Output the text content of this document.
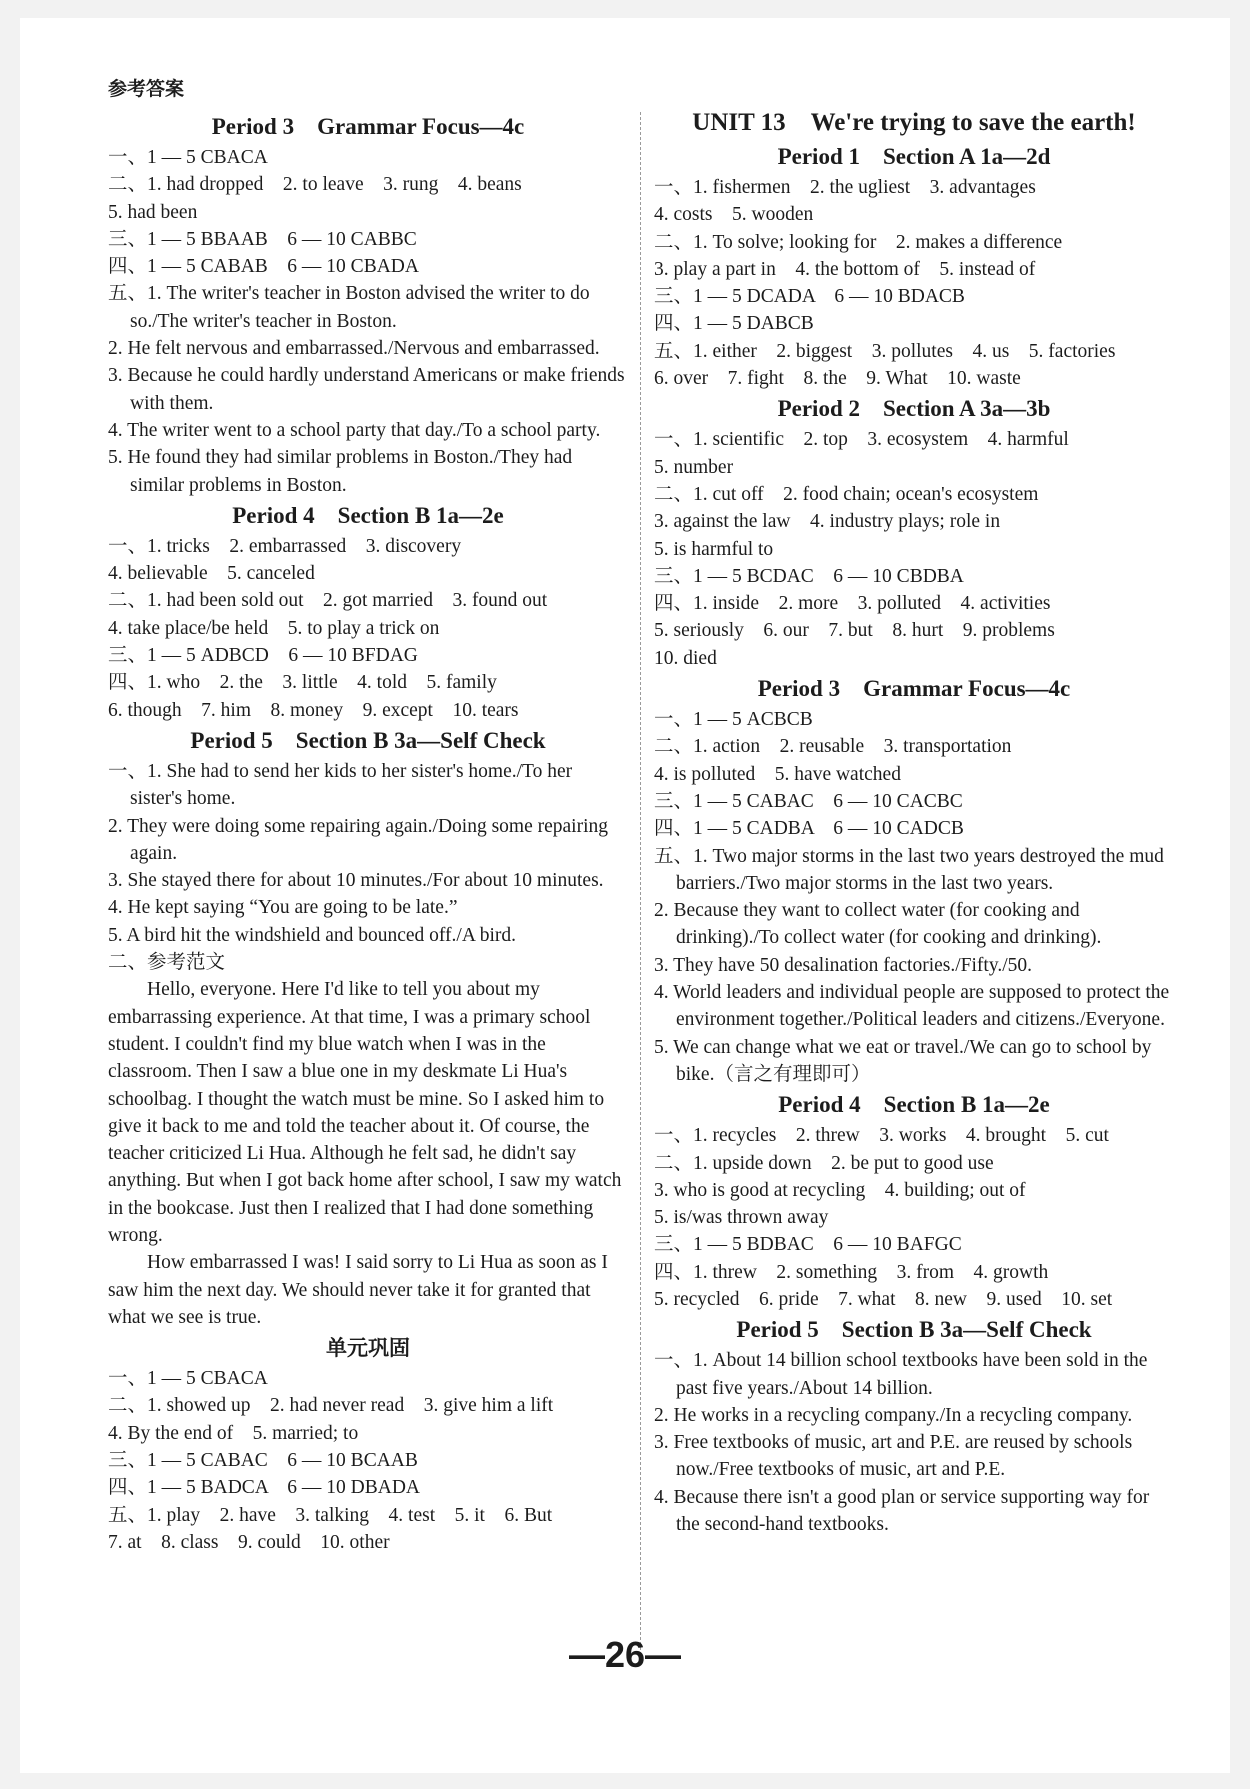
参考答案
Period 3　Grammar Focus—4c
一、1 — 5 CBACA
二、1. had dropped　2. to leave　3. rung　4. beans
5. had been
三、1 — 5 BBAAB　6 — 10 CABBC
四、1 — 5 CABAB　6 — 10 CBADA
五、1. The writer's teacher in Boston advised the writer to do so./The writer's teacher in Boston.
2. He felt nervous and embarrassed./Nervous and embarrassed.
3. Because he could hardly understand Americans or make friends with them.
4. The writer went to a school party that day./To a school party.
5. He found they had similar problems in Boston./They had similar problems in Boston.
Period 4　Section B 1a—2e
一、1. tricks　2. embarrassed　3. discovery
4. believable　5. canceled
二、1. had been sold out　2. got married　3. found out
4. take place/be held　5. to play a trick on
三、1 — 5 ADBCD　6 — 10 BFDAG
四、1. who　2. the　3. little　4. told　5. family
6. though　7. him　8. money　9. except　10. tears
Period 5　Section B 3a—Self Check
一、1. She had to send her kids to her sister's home./To her sister's home.
2. They were doing some repairing again./Doing some repairing again.
3. She stayed there for about 10 minutes./For about 10 minutes.
4. He kept saying “You are going to be late.”
5. A bird hit the windshield and bounced off./A bird.
二、参考范文
Hello, everyone. Here I'd like to tell you about my embarrassing experience. At that time, I was a primary school student. I couldn't find my blue watch when I was in the classroom. Then I saw a blue one in my deskmate Li Hua's schoolbag. I thought the watch must be mine. So I asked him to give it back to me and told the teacher about it. Of course, the teacher criticized Li Hua. Although he felt sad, he didn't say anything. But when I got back home after school, I saw my watch in the bookcase. Just then I realized that I had done something wrong.
How embarrassed I was! I said sorry to Li Hua as soon as I saw him the next day. We should never take it for granted that what we see is true.
单元巩固
一、1 — 5 CBACA
二、1. showed up　2. had never read　3. give him a lift
4. By the end of　5. married; to
三、1 — 5 CABAC　6 — 10 BCAAB
四、1 — 5 BADCA　6 — 10 DBADA
五、1. play　2. have　3. talking　4. test　5. it　6. But
7. at　8. class　9. could　10. other
UNIT 13　We're trying to save the earth!
Period 1　Section A 1a—2d
一、1. fishermen　2. the ugliest　3. advantages
4. costs　5. wooden
二、1. To solve; looking for　2. makes a difference
3. play a part in　4. the bottom of　5. instead of
三、1 — 5 DCADA　6 — 10 BDACB
四、1 — 5 DABCB
五、1. either　2. biggest　3. pollutes　4. us　5. factories
6. over　7. fight　8. the　9. What　10. waste
Period 2　Section A 3a—3b
一、1. scientific　2. top　3. ecosystem　4. harmful
5. number
二、1. cut off　2. food chain; ocean's ecosystem
3. against the law　4. industry plays; role in
5. is harmful to
三、1 — 5 BCDAC　6 — 10 CBDBA
四、1. inside　2. more　3. polluted　4. activities
5. seriously　6. our　7. but　8. hurt　9. problems
10. died
Period 3　Grammar Focus—4c
一、1 — 5 ACBCB
二、1. action　2. reusable　3. transportation
4. is polluted　5. have watched
三、1 — 5 CABAC　6 — 10 CACBC
四、1 — 5 CADBA　6 — 10 CADCB
五、1. Two major storms in the last two years destroyed the mud barriers./Two major storms in the last two years.
2. Because they want to collect water (for cooking and drinking)./To collect water (for cooking and drinking).
3. They have 50 desalination factories./Fifty./50.
4. World leaders and individual people are supposed to protect the environment together./Political leaders and citizens./Everyone.
5. We can change what we eat or travel./We can go to school by bike.（言之有理即可）
Period 4　Section B 1a—2e
一、1. recycles　2. threw　3. works　4. brought　5. cut
二、1. upside down　2. be put to good use
3. who is good at recycling　4. building; out of
5. is/was thrown away
三、1 — 5 BDBAC　6 — 10 BAFGC
四、1. threw　2. something　3. from　4. growth
5. recycled　6. pride　7. what　8. new　9. used　10. set
Period 5　Section B 3a—Self Check
一、1. About 14 billion school textbooks have been sold in the past five years./About 14 billion.
2. He works in a recycling company./In a recycling company.
3. Free textbooks of music, art and P.E. are reused by schools now./Free textbooks of music, art and P.E.
4. Because there isn't a good plan or service supporting way for the second-hand textbooks.
—26—
